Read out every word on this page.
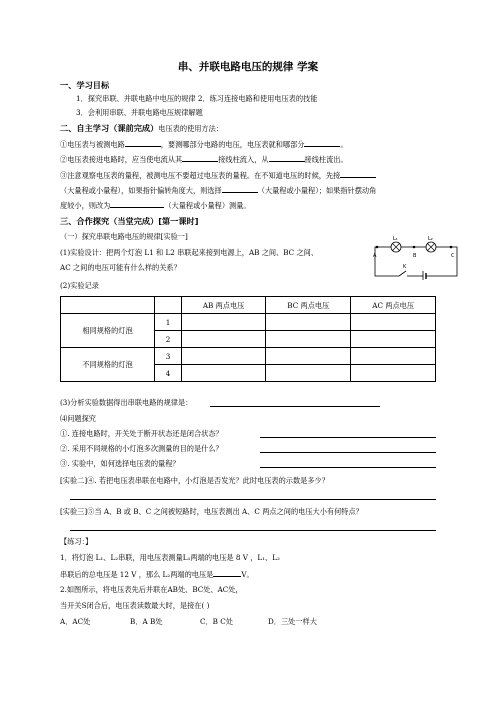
串、并联电路电压的规律 学案
一、学习目标
1．探究串联、并联电路中电压的规律 2．练习连接电路和使用电压表的技能
3．会利用串联、并联电路电压规律解题
二、自主学习（课前完成）电压表的使用方法：
①电压表与被测电路	，要测哪部分电路的电压，电压表就和哪部分	。
②电压表接进电路时，应当使电流从其	接线柱流入，从	接线柱流出。
③注意观察电压表的量程，被测电压不要超过电压表的量程。在不知道电压的时候，先接
（大量程或小量程），如果指针偏转角度大，则选择	（大量程或小量程）；如果指针摆动角
度较小，则改为	（大量程或小量程）测量。
三、合作探究（当堂完成）[第一课时]
（一）探究串联电路电压的规律[实验一]
(1)实验设计：把两个灯泡 L1 和 L2 串联起来接到电源上，AB 之间、BC 之间、
AC 之间的电压可能有什么样的关系？
(2)实验记录
A	B	C
K
L₁	L₂
		AB 两点电压	BC 两点电压	AC 两点电压
相同规格的灯泡	1			
	2			
不同规格的灯泡	3			
	4			
(3)分析实验数据得出串联电路的规律是：
⑷问题探究
①. 连接电路时，开关处于断开状态还是闭合状态？
②. 采用不同规格的小灯泡多次测量的目的是什么？
③. 实验中，如何选择电压表的量程？
[实验二]④. 若把电压表串联在电路中，小灯泡是否发光？此时电压表的示数是多少？
[实验三]⑤当 A、B 或 B、C 之间被短路时，电压表测出 A、C 两点之间的电压大小有何特点？
【练习：】
1．将灯泡 L₁、L₂串联，用电压表测量L₁两端的电压是 8 V ，L₁、L₂
串联后的总电压是 12 V ，那么 L₂两端的电压是	V。
2.如图所示，将电压表先后并联在AB处、BC处、AC处，
当开关S闭合后，电压表读数最大时，是接在( )
A．AC处	B．A B处	C．B C处	D．三处一样大
